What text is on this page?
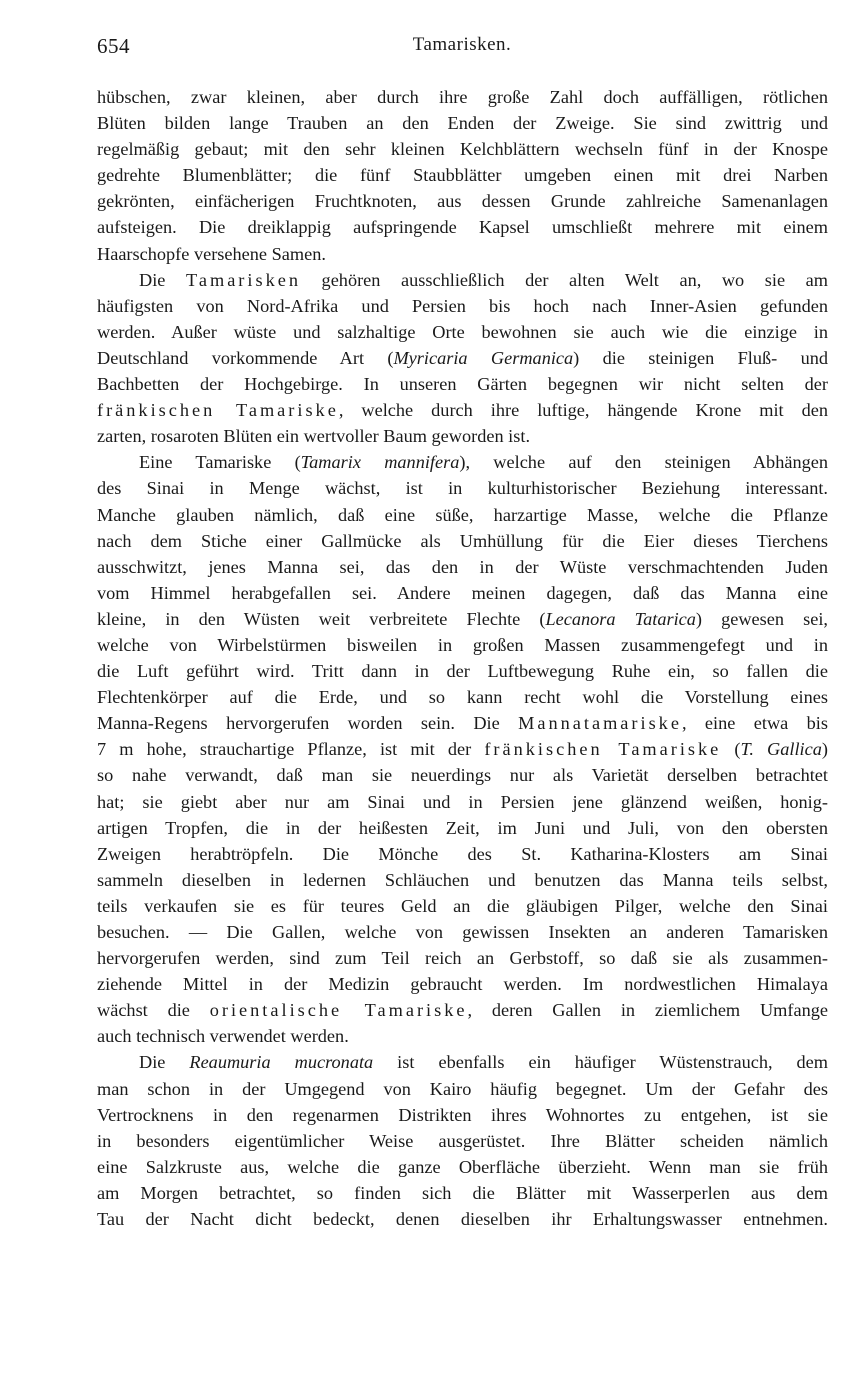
654	Tamarisken.
hübschen, zwar kleinen, aber durch ihre große Zahl doch auffälligen, rötlichen
Blüten bilden lange Trauben an den Enden der Zweige. Sie sind zwittrig und
regelmäßig gebaut; mit den sehr kleinen Kelchblättern wechseln fünf in der Knospe
gedrehte Blumenblätter; die fünf Staubblätter umgeben einen mit drei Narben
gekrönten, einfächerigen Fruchtknoten, aus dessen Grunde zahlreiche Samenanlagen
aufsteigen. Die dreiklappig aufspringende Kapsel umschließt mehrere mit einem
Haarschopfe versehene Samen.
Die Tamarisken gehören ausschließlich der alten Welt an, wo sie am
häufigsten von Nord-Afrika und Persien bis hoch nach Inner-Asien gefunden
werden. Außer wüste und salzhaltige Orte bewohnen sie auch wie die einzige in
Deutschland vorkommende Art (Myricaria Germanica) die steinigen Fluß- und
Bachbetten der Hochgebirge. In unseren Gärten begegnen wir nicht selten der
fränkischen Tamariske, welche durch ihre luftige, hängende Krone mit den
zarten, rosaroten Blüten ein wertvoller Baum geworden ist.
Eine Tamariske (Tamarix mannifera), welche auf den steinigen Abhängen
des Sinai in Menge wächst, ist in kulturhistorischer Beziehung interessant.
Manche glauben nämlich, daß eine süße, harzartige Masse, welche die Pflanze
nach dem Stiche einer Gallmücke als Umhüllung für die Eier dieses Tierchens
ausschwitzt, jenes Manna sei, das den in der Wüste verschmachtenden Juden
vom Himmel herabgefallen sei. Andere meinen dagegen, daß das Manna eine
kleine, in den Wüsten weit verbreitete Flechte (Lecanora Tatarica) gewesen sei,
welche von Wirbelstürmen bisweilen in großen Massen zusammengefegt und in
die Luft geführt wird. Tritt dann in der Luftbewegung Ruhe ein, so fallen die
Flechtenkörper auf die Erde, und so kann recht wohl die Vorstellung eines
Manna-Regens hervorgerufen worden sein. Die Mannatamariske, eine etwa bis
7 m hohe, strauchartige Pflanze, ist mit der fränkischen Tamariske (T. Gallica)
so nahe verwandt, daß man sie neuerdings nur als Varietät derselben betrachtet
hat; sie giebt aber nur am Sinai und in Persien jene glänzend weißen, honig-
artigen Tropfen, die in der heißesten Zeit, im Juni und Juli, von den obersten
Zweigen herabtröpfeln. Die Mönche des St. Katharina-Klosters am Sinai
sammeln dieselben in ledernen Schläuchen und benutzen das Manna teils selbst,
teils verkaufen sie es für teures Geld an die gläubigen Pilger, welche den Sinai
besuchen. — Die Gallen, welche von gewissen Insekten an anderen Tamarisken
hervorgerufen werden, sind zum Teil reich an Gerbstoff, so daß sie als zusammen-
ziehende Mittel in der Medizin gebraucht werden. Im nordwestlichen Himalaya
wächst die orientalische Tamariske, deren Gallen in ziemlichem Umfange
auch technisch verwendet werden.
Die Reaumuria mucronata ist ebenfalls ein häufiger Wüstenstrauch, dem
man schon in der Umgegend von Kairo häufig begegnet. Um der Gefahr des
Vertrocknens in den regenarmen Distrikten ihres Wohnortes zu entgehen, ist sie
in besonders eigentümlicher Weise ausgerüstet. Ihre Blätter scheiden nämlich
eine Salzkruste aus, welche die ganze Oberfläche überzieht. Wenn man sie früh
am Morgen betrachtet, so finden sich die Blätter mit Wasserperlen aus dem
Tau der Nacht dicht bedeckt, denen dieselben ihr Erhaltungswasser entnehmen.
